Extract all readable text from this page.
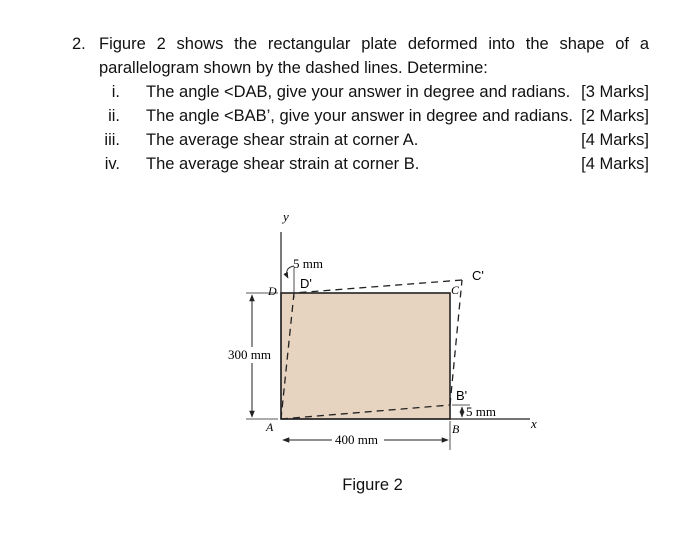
2. Figure 2 shows the rectangular plate deformed into the shape of a
parallelogram shown by the dashed lines. Determine:
i. The angle <DAB, give your answer in degree and radians. [3 Marks]
ii. The angle <BAB’, give your answer in degree and radians. [2 Marks]
iii. The average shear strain at corner A.	[4 Marks]
iv. The average shear strain at corner B.	[4 Marks]
y
x
300 mm
400 mm
5 mm
5 mm
A	B
C
D
B'
C'
D'
Figure 2
